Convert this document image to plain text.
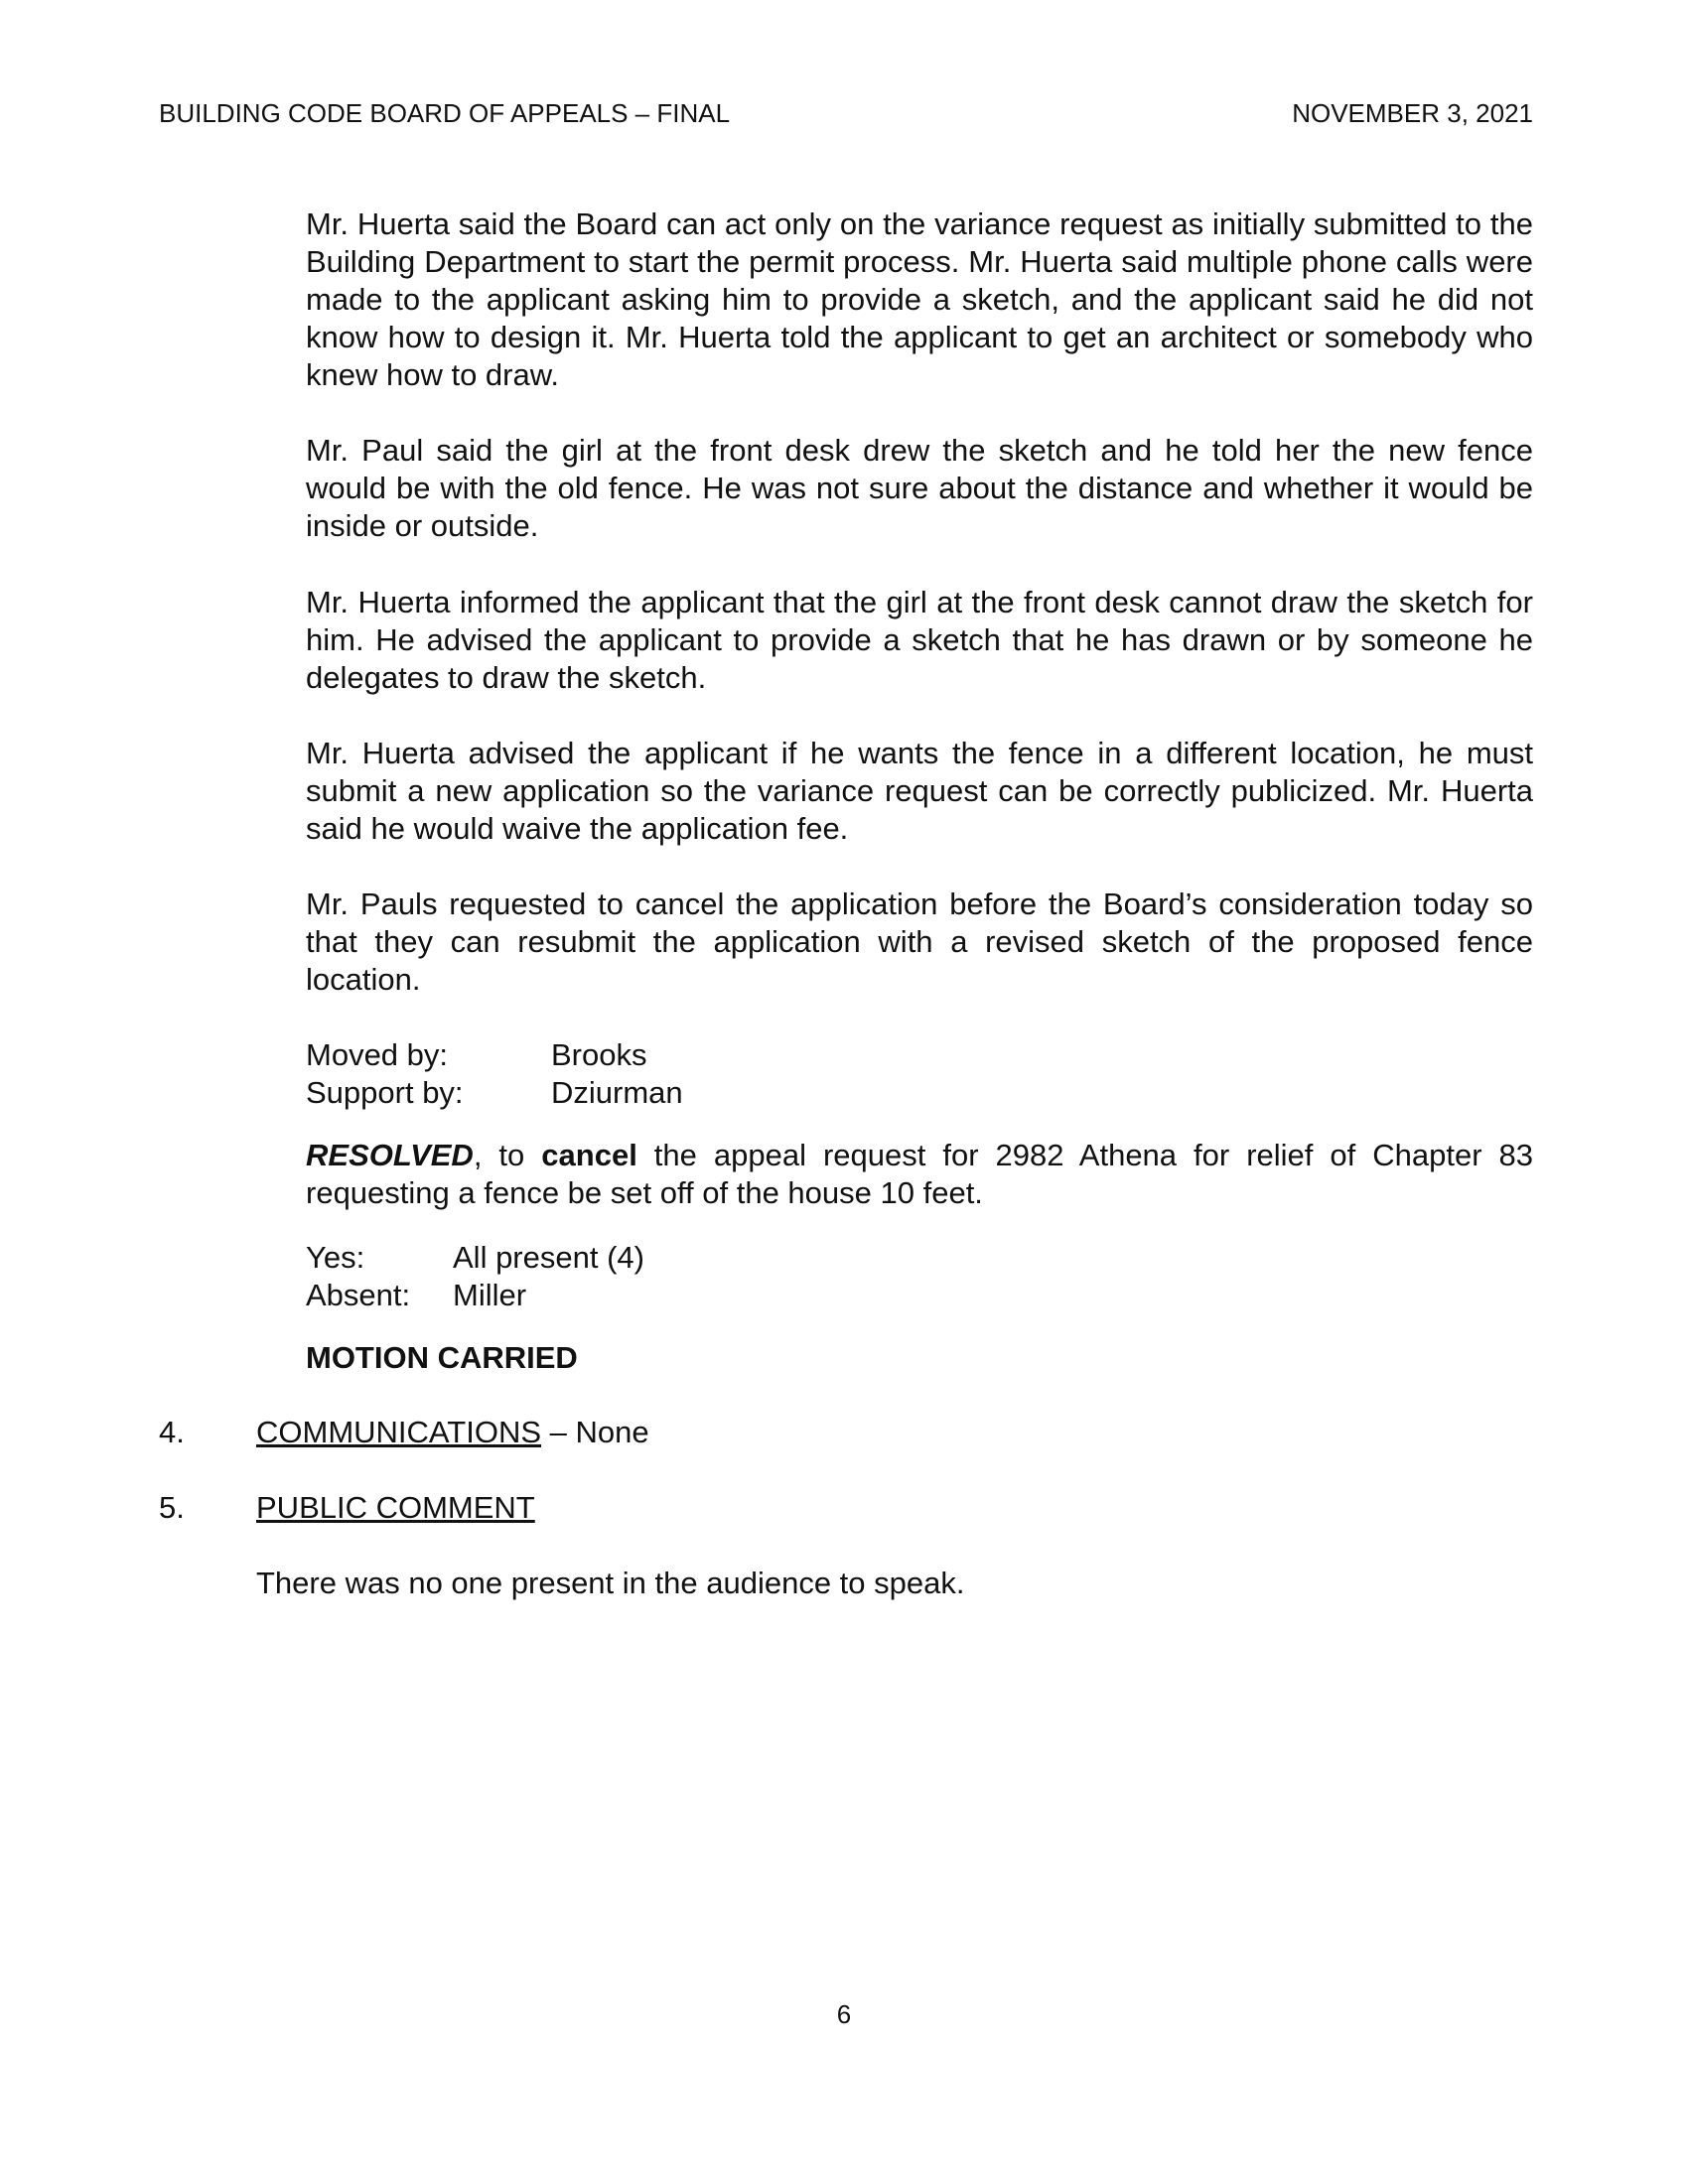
BUILDING CODE BOARD OF APPEALS – FINAL	NOVEMBER 3, 2021

Mr. Huerta said the Board can act only on the variance request as initially submitted to the Building Department to start the permit process. Mr. Huerta said multiple phone calls were made to the applicant asking him to provide a sketch, and the applicant said he did not know how to design it. Mr. Huerta told the applicant to get an architect or somebody who knew how to draw.

Mr. Paul said the girl at the front desk drew the sketch and he told her the new fence would be with the old fence. He was not sure about the distance and whether it would be inside or outside.

Mr. Huerta informed the applicant that the girl at the front desk cannot draw the sketch for him. He advised the applicant to provide a sketch that he has drawn or by someone he delegates to draw the sketch.

Mr. Huerta advised the applicant if he wants the fence in a different location, he must submit a new application so the variance request can be correctly publicized. Mr. Huerta said he would waive the application fee.

Mr. Pauls requested to cancel the application before the Board’s consideration today so that they can resubmit the application with a revised sketch of the proposed fence location.

Moved by:	Brooks
Support by:	Dziurman

RESOLVED, to cancel the appeal request for 2982 Athena for relief of Chapter 83 requesting a fence be set off of the house 10 feet.

Yes:	All present (4)
Absent: Miller
MOTION CARRIED
4. COMMUNICATIONS – None
5. PUBLIC COMMENT
There was no one present in the audience to speak.
6
